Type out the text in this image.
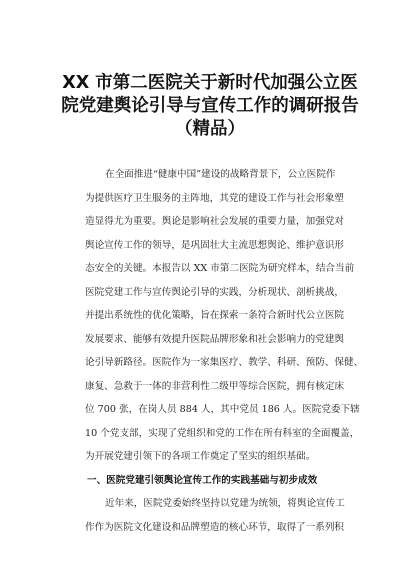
XX 市第二医院关于新时代加强公立医
院党建舆论引导与宣传工作的调研报告
（精品）
在全面推进“健康中国”建设的战略背景下，公立医院作
为提供医疗卫生服务的主阵地，其党的建设工作与社会形象塑
造显得尤为重要。舆论是影响社会发展的重要力量，加强党对
舆论宣传工作的领导，是巩固壮大主流思想舆论、维护意识形
态安全的关键。本报告以 XX 市第二医院为研究样本，结合当前
医院党建工作与宣传舆论引导的实践，分析现状、剖析挑战，
并提出系统性的优化策略，旨在探索一条符合新时代公立医院
发展要求、能够有效提升医院品牌形象和社会影响力的党建舆
论引导新路径。医院作为一家集医疗、教学、科研、预防、保健、
康复、急救于一体的非营利性二级甲等综合医院，拥有核定床
位 700 张，在岗人员 884 人，其中党员 186 人。医院党委下辖
10 个党支部，实现了党组织和党的工作在所有科室的全面覆盖，
为开展党建引领下的各项工作奠定了坚实的组织基础。
一、医院党建引领舆论宣传工作的实践基础与初步成效
近年来，医院党委始终坚持以党建为统领，将舆论宣传工
作作为医院文化建设和品牌塑造的核心环节，取得了一系列积
